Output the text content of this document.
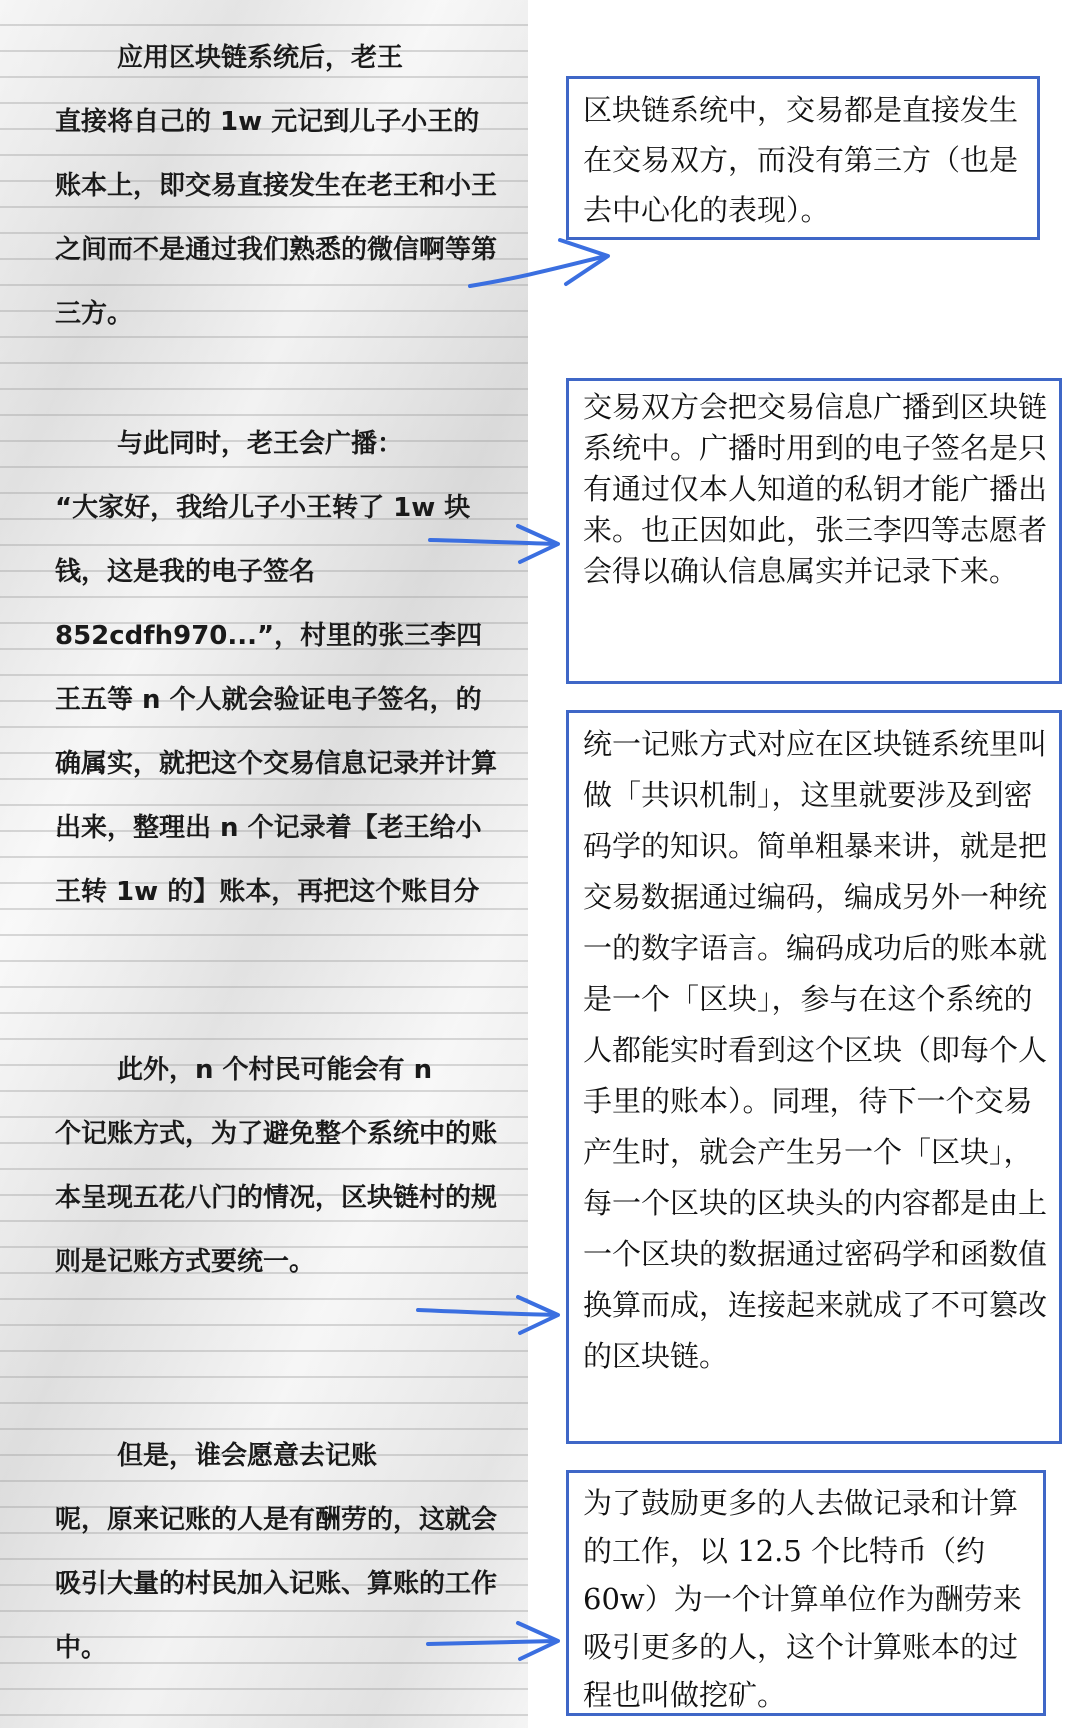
应用区块链系统后，老王
直接将自己的 1w 元记到儿子小王的账本上，即交易直接发生在老王和小王之间而不是通过我们熟悉的微信啊等第三方。
与此同时，老王会广播：
“大家好，我给儿子小王转了 1w 块钱，这是我的电子签名 852cdfh970...”，村里的张三李四王五等 n 个人就会验证电子签名，的确属实，就把这个交易信息记录并计算出来，整理出 n 个记录着【老王给小王转 1w 的】账本，再把这个账目分
此外，n 个村民可能会有 n
个记账方式，为了避免整个系统中的账本呈现五花八门的情况，区块链村的规则是记账方式要统一。
但是，谁会愿意去记账
呢，原来记账的人是有酬劳的，这就会吸引大量的村民加入记账、算账的工作中。

区块链系统中，交易都是直接发生在交易双方，而没有第三方（也是去中心化的表现）。

交易双方会把交易信息广播到区块链系统中。广播时用到的电子签名是只有通过仅本人知道的私钥才能广播出来。也正因如此，张三李四等志愿者会得以确认信息属实并记录下来。

统一记账方式对应在区块链系统里叫做「共识机制」，这里就要涉及到密码学的知识。简单粗暴来讲，就是把交易数据通过编码，编成另外一种统一的数字语言。编码成功后的账本就是一个「区块」，参与在这个系统的人都能实时看到这个区块（即每个人手里的账本）。同理，待下一个交易产生时，就会产生另一个「区块」，每一个区块的区块头的内容都是由上一个区块的数据通过密码学和函数值换算而成，连接起来就成了不可篡改的区块链。

为了鼓励更多的人去做记录和计算的工作，以 12.5 个比特币（约 60w）为一个计算单位作为酬劳来吸引更多的人，这个计算账本的过程也叫做挖矿。
